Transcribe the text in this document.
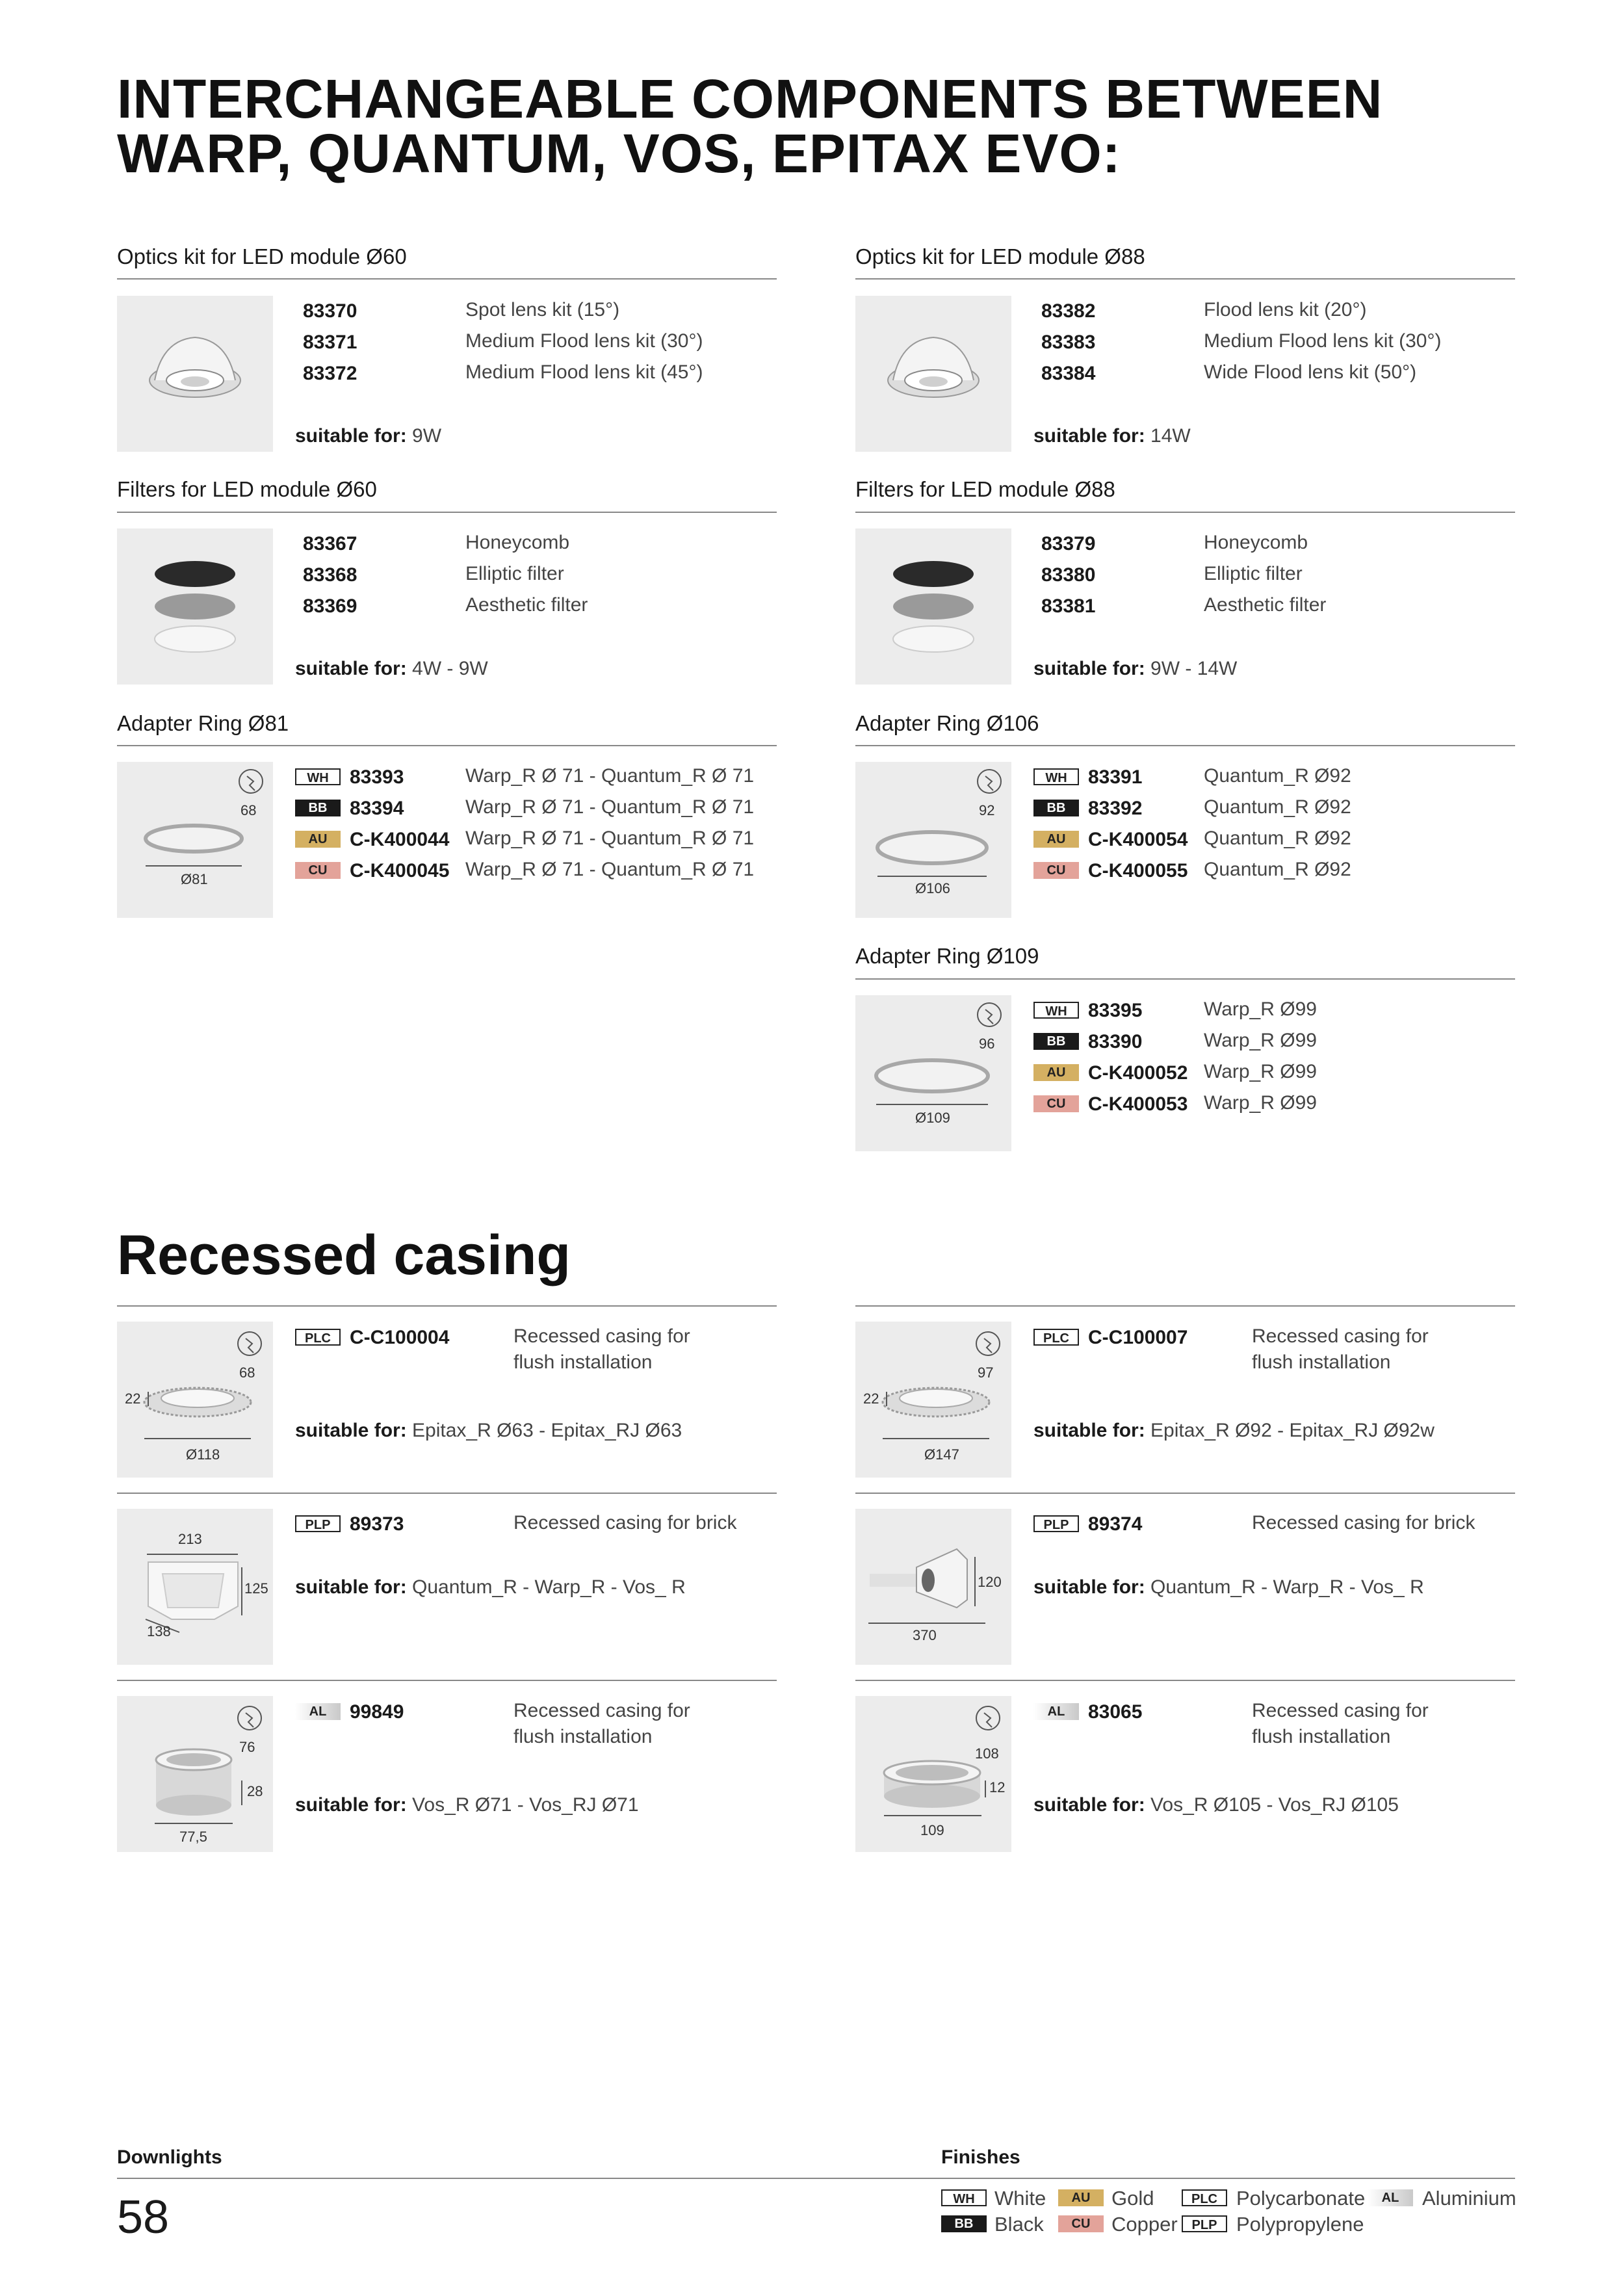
INTERCHANGEABLE COMPONENTS BETWEEN
WARP, QUANTUM, VOS, EPITAX EVO:
Optics kit for LED module Ø60
83370	Spot lens kit (15°)
83371	Medium Flood lens kit (30°)
83372	Medium Flood lens kit (45°)
suitable for: 9W
Optics kit for LED module Ø88
83382	Flood lens kit (20°)
83383	Medium Flood lens kit (30°)
83384	Wide Flood lens kit (50°)
suitable for: 14W
Filters for LED module Ø60
83367	Honeycomb
83368	Elliptic filter
83369	Aesthetic filter
suitable for: 4W - 9W
Filters for LED module Ø88
83379	Honeycomb
83380	Elliptic filter
83381	Aesthetic filter
suitable for: 9W - 14W
Adapter Ring Ø81
68
Ø81
WH	83393	Warp_R Ø 71 - Quantum_R Ø 71
BB	83394	Warp_R Ø 71 - Quantum_R Ø 71
AU	C-K400044 Warp_R Ø 71 - Quantum_R Ø 71
CU	C-K400045 Warp_R Ø 71 - Quantum_R Ø 71
Adapter Ring Ø106
92
Ø106
WH	83391	Quantum_R Ø92
BB	83392	Quantum_R Ø92
AU	C-K400054 Quantum_R Ø92
CU	C-K400055 Quantum_R Ø92
Adapter Ring Ø109
96
Ø109
WH	83395	Warp_R Ø99
BB	83390	Warp_R Ø99
AU	C-K400052 Warp_R Ø99
CU	C-K400053 Warp_R Ø99
Recessed casing
68
22
Ø118
PLC C-C100004	Recessed casing for
flush installation
suitable for: Epitax_R Ø63 - Epitax_RJ Ø63
97
22
Ø147
PLC C-C100007	Recessed casing for
flush installation
suitable for: Epitax_R Ø92 - Epitax_RJ Ø92w
213
125
138
PLP 89373	Recessed casing for brick
suitable for: Quantum_R - Warp_R - Vos_ R	120
370
PLP 89374	Recessed casing for brick
suitable for: Quantum_R - Warp_R - Vos_ R
76
28
77,5
AL	99849	Recessed casing for
flush installation
suitable for: Vos_R Ø71 - Vos_RJ Ø71
108
12
109
AL	83065	Recessed casing for
flush installation
suitable for: Vos_R Ø105 - Vos_RJ Ø105
Downlights
58
Finishes
WH White
BB	Black
AU	Gold
CU	Copper
PLC Polycarbonate
PLP Polypropylene
AL	Aluminium
